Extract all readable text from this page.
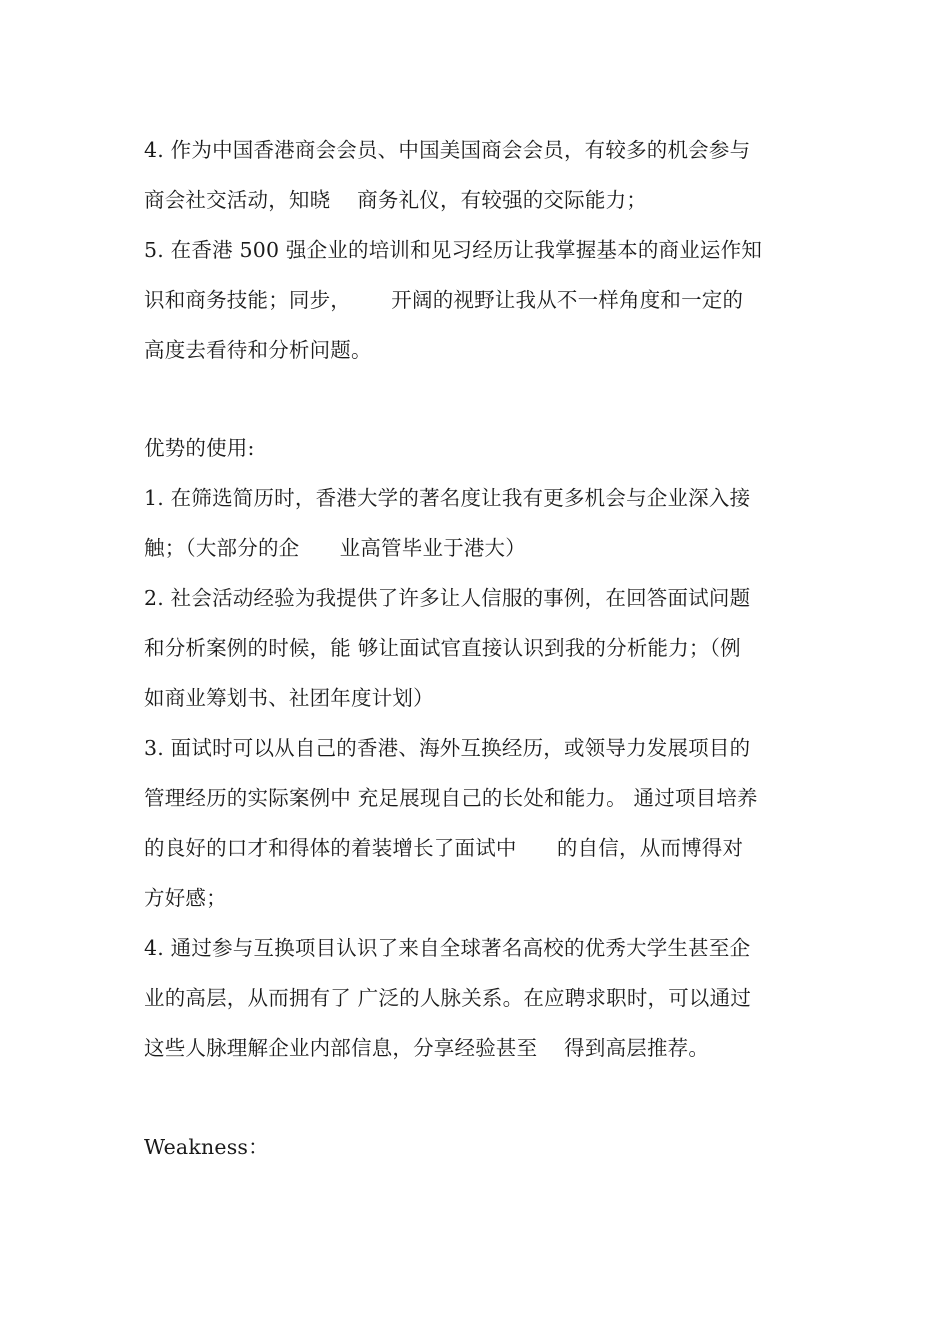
4. 作为中国香港商会会员、中国美国商会会员，有较多的机会参与
商会社交活动，知晓    商务礼仪，有较强的交际能力；
5. 在香港 500 强企业的培训和见习经历让我掌握基本的商业运作知
识和商务技能；同步，      开阔的视野让我从不一样角度和一定的
高度去看待和分析问题。
优势的使用:
1. 在筛选简历时，香港大学的著名度让我有更多机会与企业深入接
触；（大部分的企      业高管毕业于港大）
2. 社会活动经验为我提供了许多让人信服的事例，在回答面试问题
和分析案例的时候，能 够让面试官直接认识到我的分析能力；（例
如商业筹划书、社团年度计划）
3. 面试时可以从自己的香港、海外互换经历，或领导力发展项目的
管理经历的实际案例中 充足展现自己的长处和能力。 通过项目培养
的良好的口才和得体的着装增长了面试中      的自信，从而博得对
方好感；
4. 通过参与互换项目认识了来自全球著名高校的优秀大学生甚至企
业的高层，从而拥有了 广泛的人脉关系。在应聘求职时，可以通过
这些人脉理解企业内部信息，分享经验甚至    得到高层推荐。
Weakness：
